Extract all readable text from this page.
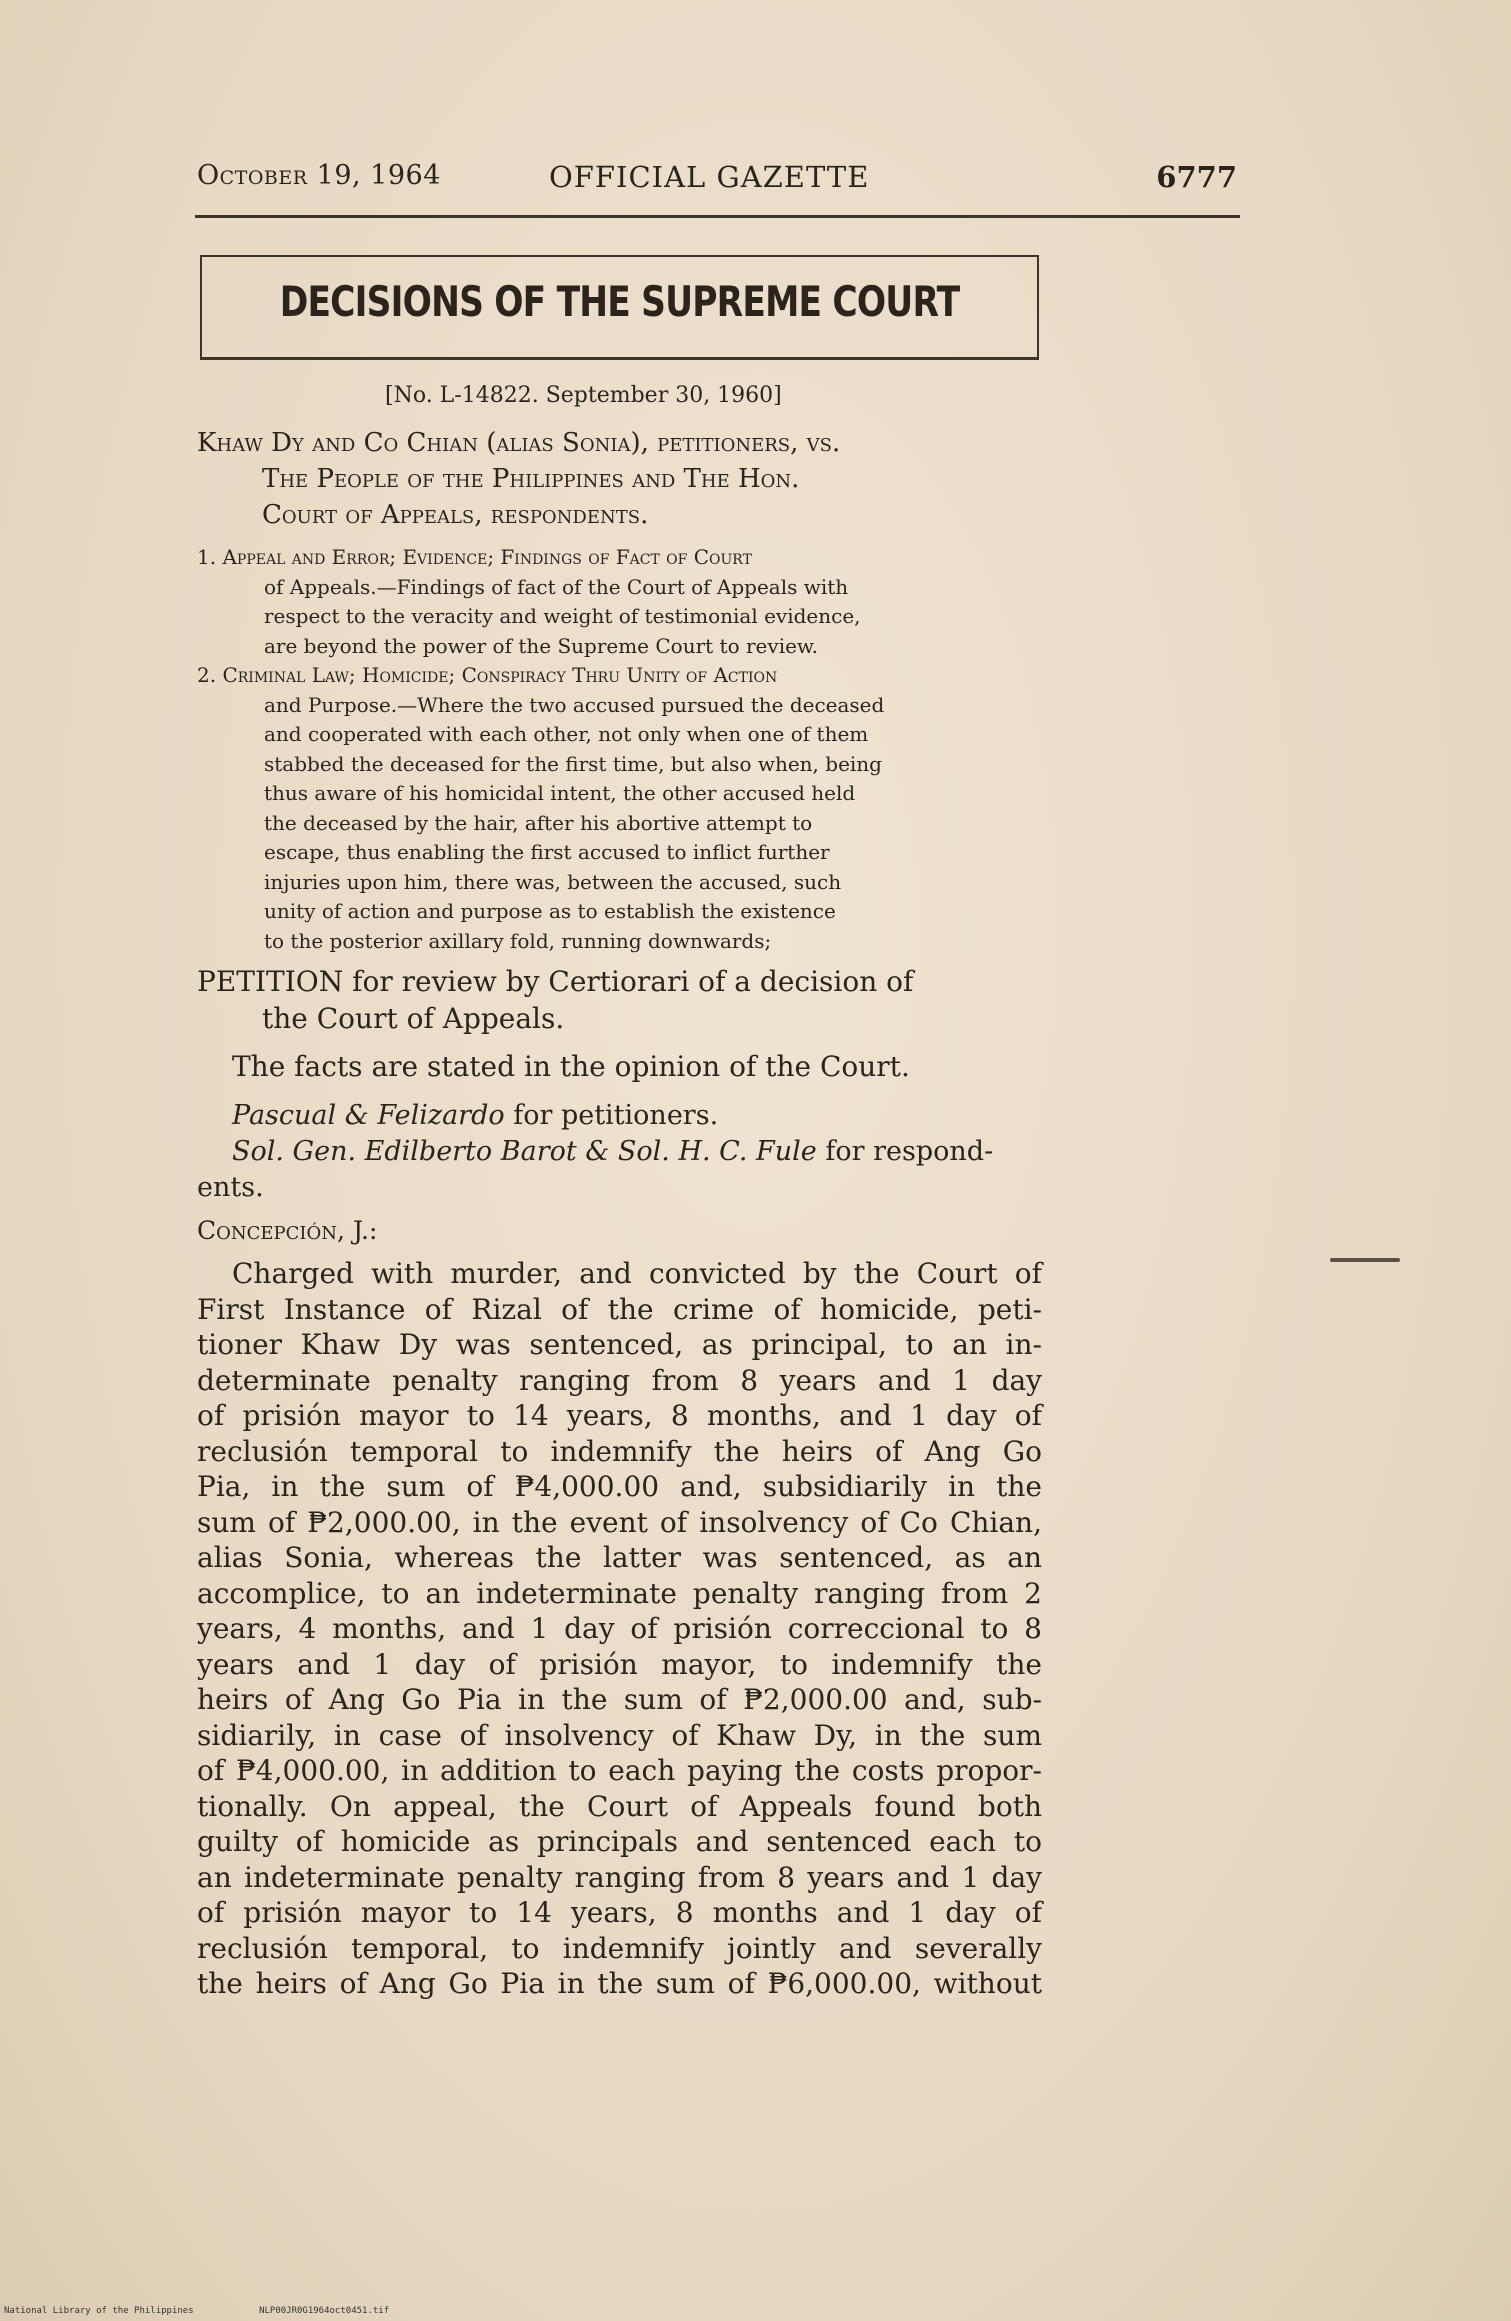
October 19, 1964	OFFICIAL GAZETTE	6777
DECISIONS OF THE SUPREME COURT
[No. L-14822. September 30, 1960]
Khaw Dy and Co Chian (alias Sonia), petitioners, vs.
The People of the Philippines and The Hon.
Court of Appeals, respondents.
1. Appeal and Error; Evidence; Findings of Fact of Court
of Appeals.—Findings of fact of the Court of Appeals with
respect to the veracity and weight of testimonial evidence,
are beyond the power of the Supreme Court to review.
2. Criminal Law; Homicide; Conspiracy Thru Unity of Action
and Purpose.—Where the two accused pursued the deceased
and cooperated with each other, not only when one of them
stabbed the deceased for the first time, but also when, being
thus aware of his homicidal intent, the other accused held
the deceased by the hair, after his abortive attempt to
escape, thus enabling the first accused to inflict further
injuries upon him, there was, between the accused, such
unity of action and purpose as to establish the existence
to the posterior axillary fold, running downwards;
PETITION for review by Certiorari of a decision of
the Court of Appeals.
The facts are stated in the opinion of the Court.
Pascual & Felizardo for petitioners.
Sol. Gen. Edilberto Barot & Sol. H. C. Fule for respond-
ents.
Concepción, J.:
Charged with murder, and convicted by the Court of
First Instance of Rizal of the crime of homicide, peti-
tioner Khaw Dy was sentenced, as principal, to an in-
determinate penalty ranging from 8 years and 1 day
of prisión mayor to 14 years, 8 months, and 1 day of
reclusión temporal to indemnify the heirs of Ang Go
Pia, in the sum of ₱4,000.00 and, subsidiarily in the
sum of ₱2,000.00, in the event of insolvency of Co Chian,
alias Sonia, whereas the latter was sentenced, as an
accomplice, to an indeterminate penalty ranging from 2
years, 4 months, and 1 day of prisión correccional to 8
years and 1 day of prisión mayor, to indemnify the
heirs of Ang Go Pia in the sum of ₱2,000.00 and, sub-
sidiarily, in case of insolvency of Khaw Dy, in the sum
of ₱4,000.00, in addition to each paying the costs propor-
tionally. On appeal, the Court of Appeals found both
guilty of homicide as principals and sentenced each to
an indeterminate penalty ranging from 8 years and 1 day
of prisión mayor to 14 years, 8 months and 1 day of
reclusión temporal, to indemnify jointly and severally
the heirs of Ang Go Pia in the sum of ₱6,000.00, without
National Library of the Philippines	NLP00JR0G1964oct0451.tif
